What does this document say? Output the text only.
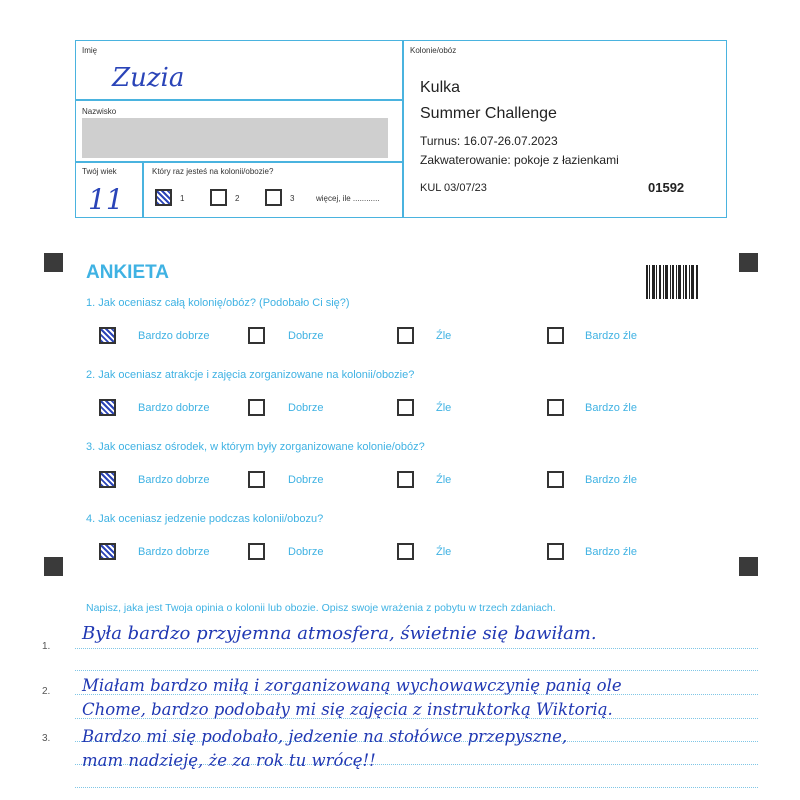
Imię
Zuzia
Nazwisko
Twój wiek
11
Który raz jesteś na kolonii/obozie?
1	2	3	więcej, ile ............
Kolonie/obóz
Kulka
Summer Challenge
Turnus: 16.07-26.07.2023
Zakwaterowanie: pokoje z łazienkami
KUL 03/07/23	01592
ANKIETA
1. Jak oceniasz całą kolonię/obóz? (Podobało Ci się?)
Bardzo dobrze	Dobrze	Źle	Bardzo źle
2. Jak oceniasz atrakcje i zajęcia zorganizowane na kolonii/obozie?
Bardzo dobrze	Dobrze	Źle	Bardzo źle
3. Jak oceniasz ośrodek, w którym były zorganizowane kolonie/obóz?
Bardzo dobrze	Dobrze	Źle	Bardzo źle
4. Jak oceniasz jedzenie podczas kolonii/obozu?
Bardzo dobrze	Dobrze	Źle	Bardzo źle
Napisz, jaka jest Twoja opinia o kolonii lub obozie. Opisz swoje wrażenia z pobytu w trzech zdaniach.
1.
2.
3.
Była bardzo przyjemna atmosfera, świetnie się bawiłam.
Miałam bardzo miłą i zorganizowaną wychowawczynię panią ole
Chome, bardzo podobały mi się zajęcia z instruktorką Wiktorią.
Bardzo mi się podobało, jedzenie na stołówce przepyszne,
mam nadzieję, że za rok tu wrócę!!
